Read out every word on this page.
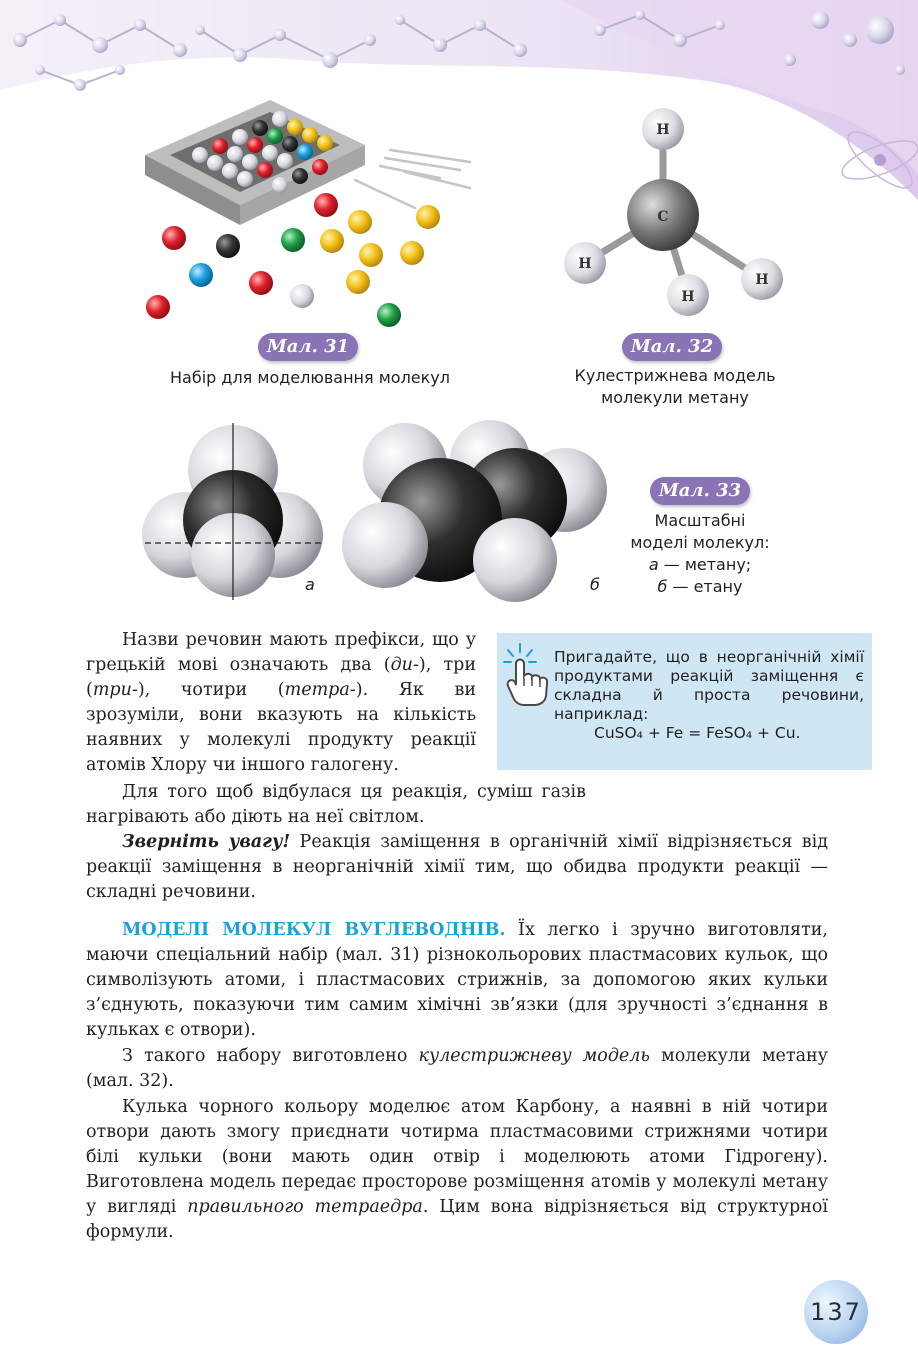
Мал. 31
Набір для моделювання молекул
H
C
H
H
H
Мал. 32
Кулестрижнева модель
молекули метану
а	б
Мал. 33
Масштабні
моделі молекул:
а — метану;
б — етану

Назви речовин мають префікси, що у грецькій мові означають два (ди-), три (три-), чотири (тетра-). Як ви зрозуміли, вони вказують на кількість наявних у молекулі продукту реакції атомів Хлору чи іншого галогену.

Пригадайте, що в неорганічній хімії продуктами реакцій заміщення є складна й проста речовини, наприклад:
CuSO₄ + Fe = FeSO₄ + Cu.

Для того щоб відбулася ця реакція, суміш газів нагрівають або діють на неї світлом.

Зверніть увагу! Реакція заміщення в органічній хімії відрізняється від реакції заміщення в неорганічній хімії тим, що обидва продукти реакції — складні речовини.

МОДЕЛІ МОЛЕКУЛ ВУГЛЕВОДНІВ. Їх легко і зручно виготовляти, маючи спеціальний набір (мал. 31) різнокольорових пластмасових кульок, що символізують атоми, і пластмасових стрижнів, за допомогою яких кульки з’єднують, показуючи тим самим хімічні зв’язки (для зручності з’єднання в кульках є отвори).

З такого набору виготовлено кулестрижневу модель молекули метану (мал. 32).

Кулька чорного кольору моделює атом Карбону, а наявні в ній чотири отвори дають змогу приєднати чотирма пластмасовими стрижнями чотири білі кульки (вони мають один отвір і моделюють атоми Гідрогену). Виготовлена модель передає просторове розміщення атомів у молекулі метану у вигляді правильного тетраедра. Цим вона відрізняється від структурної формули.

137
